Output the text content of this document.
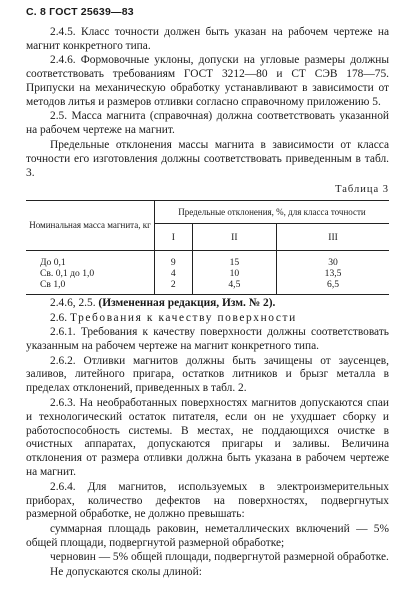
С. 8 ГОСТ 25639—83

2.4.5. Класс точности должен быть указан на рабочем чертеже на магнит конкретного типа.

2.4.6. Формовочные уклоны, допуски на угловые размеры должны соответствовать требованиям ГОСТ 3212—80 и СТ СЭВ 178—75. Припуски на механическую обработку устанавливают в зависимости от методов литья и размеров отливки согласно справочному приложению 5.

2.5. Масса магнита (справочная) должна соответствовать указанной на рабочем чертеже на магнит.

Предельные отклонения массы магнита в зависимости от класса точности его изготовления должны соответствовать приведенным в табл. 3.

Таблица 3

Номинальная масса магнита, кг	Предельные отклонения, %, для класса точности		
	I	II	III
До 0,1	9	15	30
Св. 0,1 до 1,0	4	10	13,5
Св 1,0	2	4,5	6,5

2.4.6, 2.5. (Измененная редакция, Изм. № 2).

2.6. Требования к качеству поверхности

2.6.1. Требования к качеству поверхности должны соответствовать указанным на рабочем чертеже на магнит конкретного типа.

2.6.2. Отливки магнитов должны быть зачищены от заусенцев, заливов, литейного пригара, остатков литников и брызг металла в пределах отклонений, приведенных в табл. 2.

2.6.3. На необработанных поверхностях магнитов допускаются спаи и технологический остаток питателя, если он не ухудшает сборку и работоспособность системы. В местах, не поддающихся очистке в очистных аппаратах, допускаются пригары и заливы. Величина отклонения от размера отливки должна быть указана в рабочем чертеже на магнит.

2.6.4. Для магнитов, используемых в электроизмерительных приборах, количество дефектов на поверхностях, подвергнутых размерной обработке, не должно превышать:

суммарная площадь раковин, неметаллических включений — 5% общей площади, подвергнутой размерной обработке;

черновин — 5% общей площади, подвергнутой размерной обработке.

Не допускаются сколы длиной:
